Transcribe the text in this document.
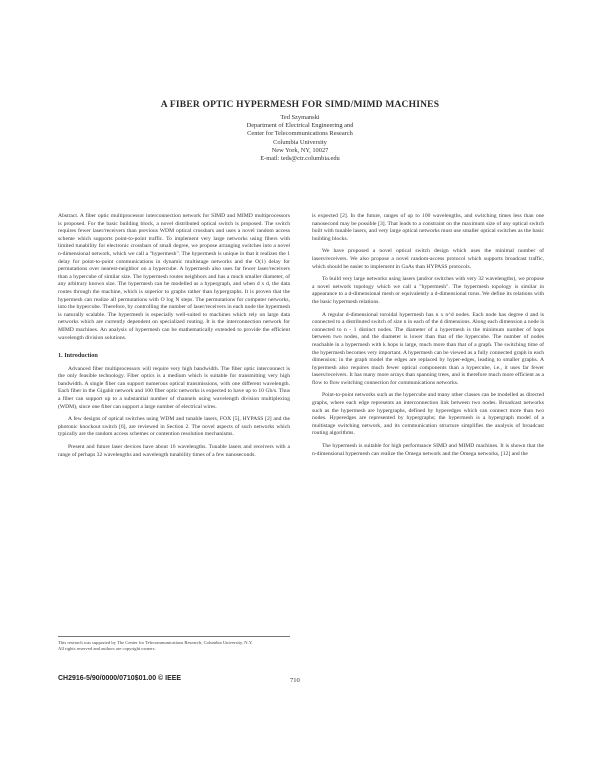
A FIBER OPTIC HYPERMESH FOR SIMD/MIMD MACHINES
Ted Szymanski
Department of Electrical Engineering and
Center for Telecommunications Research
Columbia University
New York, NY, 10027
E-mail: teds@ctr.columbia.edu

Abstract. A fiber optic multiprocessor interconnection network for SIMD and MIMD multiprocessors is proposed. For the basic building block, a novel distributed optical switch is proposed. The switch requires fewer laser/receivers than previous WDM optical crossbars and uses a novel random access scheme which supports point-to-point traffic. To implement very large networks using fibers with limited tunability for electronic crossbars of small degree, we propose arranging switches into a novel n-dimensional network, which we call a "hypermesh". The hypermesh is unique in that it realizes the 1 delay for point-to-point communications in dynamic multistage networks and the O(1) delay for permutations over nearest-neighbor on a hypercube. A hypermesh also uses far fewer laser/receivers than a hypercube of similar size. The hypermesh routes neighbors and has a much smaller diameter, of any arbitrary known size. The hypermesh can be modelled as a hypergraph, and when d x d, the data routes through the machine, which is superior to graphs rather than hypergraphs. It is proven that the hypermesh can realize all permutations with O log N steps. The permutations for computer networks, into the hypercube. Therefore, by controlling the number of laser/receivers in each node the hypermesh is naturally scalable. The hypermesh is especially well-suited to machines which rely on large data networks which are currently dependent on specialized routing. It is the interconnection network for MIMD machines. An analysis of hypermesh can be mathematically extended to provide the efficient wavelength division solutions.

1. Introduction

Advanced fiber multiprocessors will require very high bandwidth. The fiber optic interconnect is the only feasible technology. Fiber optics is a medium which is suitable for transmitting very high bandwidth. A single fiber can support numerous optical transmissions, with one different wavelength. Each fiber in the Gigabit network and 100 fiber optic networks is expected to have up to 10 Gb/s. Thus a fiber can support up to a substantial number of channels using wavelength division multiplexing (WDM), since one fiber can support a large number of electrical wires.

A few designs of optical switches using WDM and tunable lasers, FOX [5], HYPASS [2] and the photonic knockout switch [6], are reviewed in Section 2. The novel aspects of such networks which typically are the random access schemes or contention resolution mechanisms.

Present and future laser devices have about 16 wavelengths. Tunable lasers and receivers with a range of perhaps 32 wavelengths and wavelength tunability times of a few nanoseconds.

is expected [2]. In the future, ranges of up to 100 wavelengths, and switching times less than one nanosecond may be possible [3]. That leads to a constraint on the maximum size of any optical switch built with tunable lasers, and very large optical networks must use smaller optical switches as the basic building blocks.

We have proposed a novel optical switch design which uses the minimal number of lasers/receivers. We also propose a novel random-access protocol which supports broadcast traffic, which should be easier to implement in GaAs than HYPASS protocols.

To build very large networks using lasers (and/or switches with very 32 wavelengths), we propose a novel network topology which we call a "hypermesh". The hypermesh topology is similar in appearance to a d-dimensional mesh or equivalently a d-dimensional torus. We define its relations with the basic hypermesh relations.

A regular d-dimensional toroidal hypermesh has n x n^d nodes. Each node has degree d and is connected to a distributed switch of size n in each of the d dimensions. Along each dimension a node is connected to n - 1 distinct nodes. The diameter of a hypermesh is the minimum number of hops between two nodes, and the diameter is lower than that of the hypercube. The number of nodes reachable in a hypermesh with k hops is large, much more than that of a graph. The switching time of the hypermesh becomes very important. A hypermesh can be viewed as a fully connected graph in each dimension; in the graph model the edges are replaced by hyper-edges, leading to smaller graphs. A hypermesh also requires much fewer optical components than a hypercube, i.e., it uses far fewer lasers/receivers. It has many more arrays than spanning trees, and is therefore much more efficient as a flow to flow switching connection for communications networks.

Point-to-point networks such as the hypercube and many other classes can be modelled as directed graphs, where each edge represents an interconnection link between two nodes. Broadcast networks such as the hypermesh are hypergraphs, defined by hyperedges which can connect more than two nodes. Hyperedges are represented by hypergraphs; the hypermesh is a hypergraph model of a multistage switching network, and its communication structure simplifies the analysis of broadcast routing algorithms.

The hypermesh is suitable for high performance SIMD and MIMD machines. It is shown that the n-dimensional hypermesh can realize the Omega network and the Omega networks, [12] and the

This research was supported by The Center for Telecommunications Research, Columbia University, N.Y.
All rights reserved and authors are copyright owners.
CH2916-5/90/0000/0710$01.00 © IEEE	710
